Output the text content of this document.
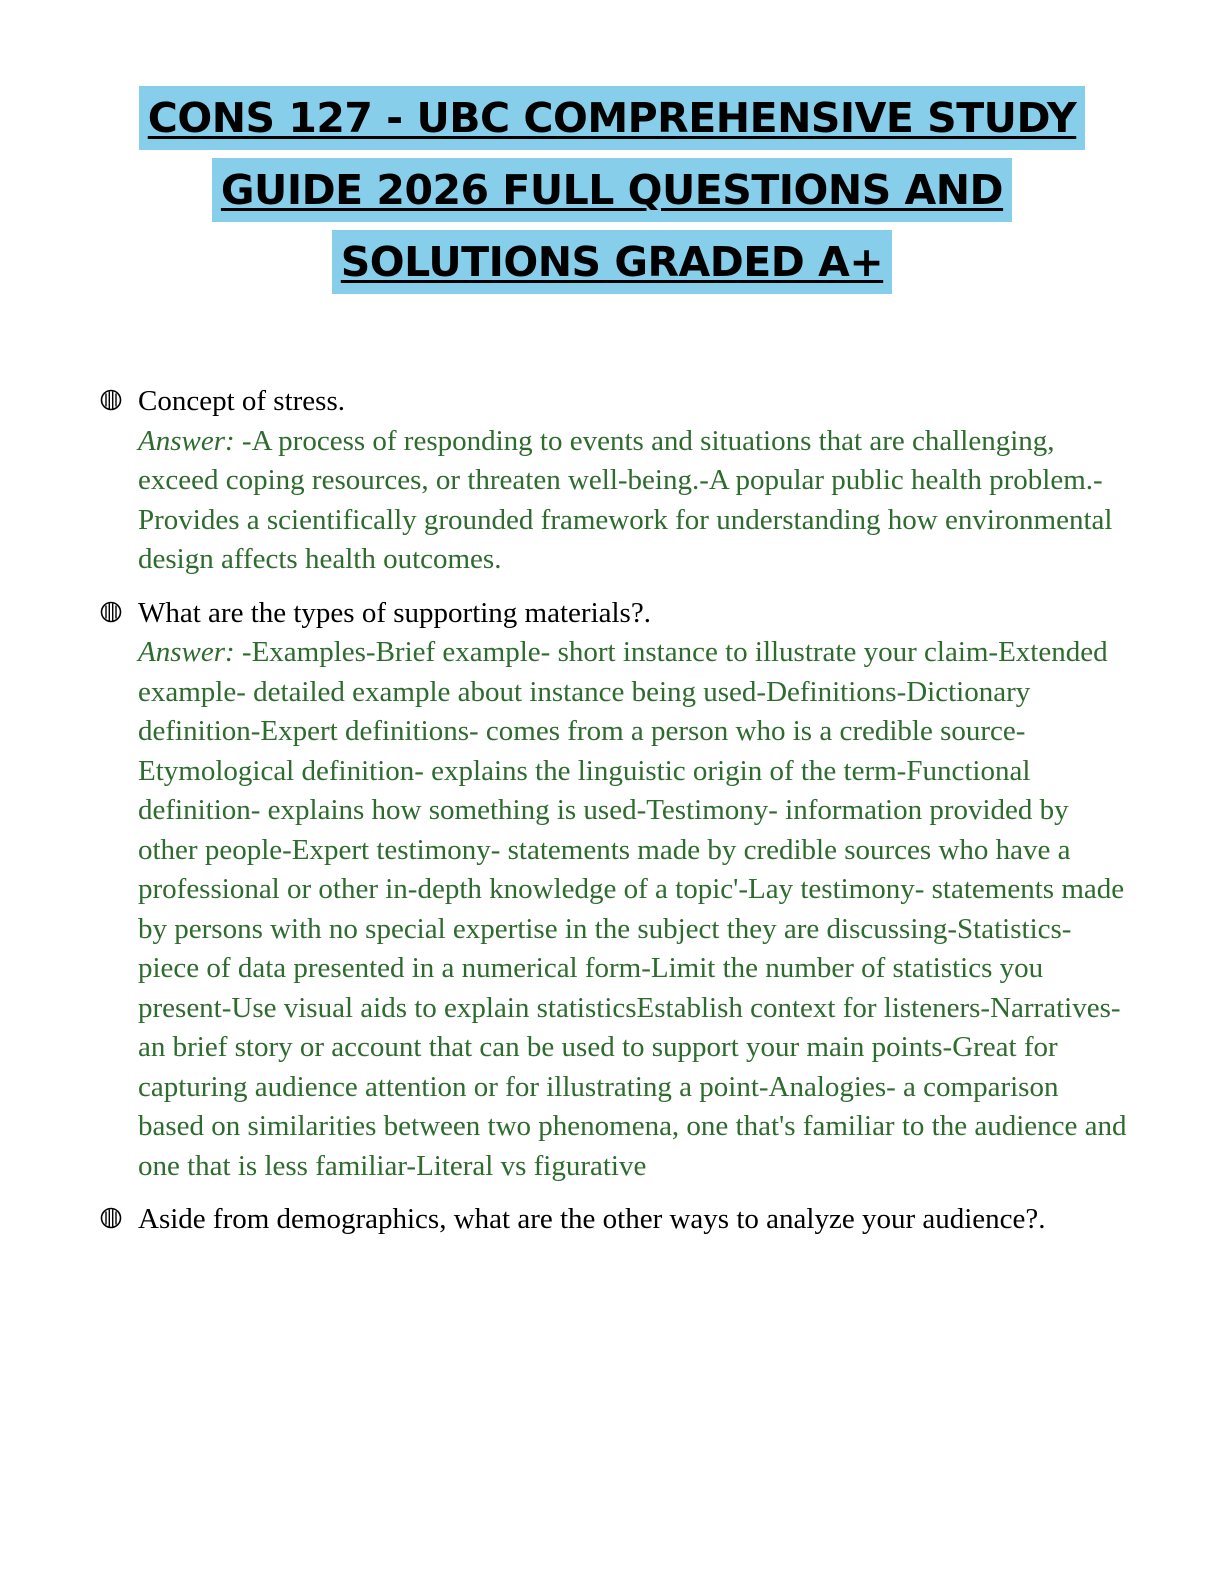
CONS 127 - UBC COMPREHENSIVE STUDY
GUIDE 2026 FULL QUESTIONS AND
SOLUTIONS GRADED A+
Concept of stress.
Answer: -A process of responding to events and situations that are challenging, exceed coping resources, or threaten well-being.-A popular public health problem.-Provides a scientifically grounded framework for understanding how environmental design affects health outcomes.
What are the types of supporting materials?.
Answer: -Examples-Brief example- short instance to illustrate your claim-Extended example- detailed example about instance being used-Definitions-Dictionary definition-Expert definitions- comes from a person who is a credible source-Etymological definition- explains the linguistic origin of the term-Functional definition- explains how something is used-Testimony- information provided by other people-Expert testimony- statements made by credible sources who have a professional or other in-depth knowledge of a topic'-Lay testimony- statements made by persons with no special expertise in the subject they are discussing-Statistics- piece of data presented in a numerical form-Limit the number of statistics you present-Use visual aids to explain statisticsEstablish context for listeners-Narratives- an brief story or account that can be used to support your main points-Great for capturing audience attention or for illustrating a point-Analogies- a comparison based on similarities between two phenomena, one that's familiar to the audience and one that is less familiar-Literal vs figurative
Aside from demographics, what are the other ways to analyze your audience?.
